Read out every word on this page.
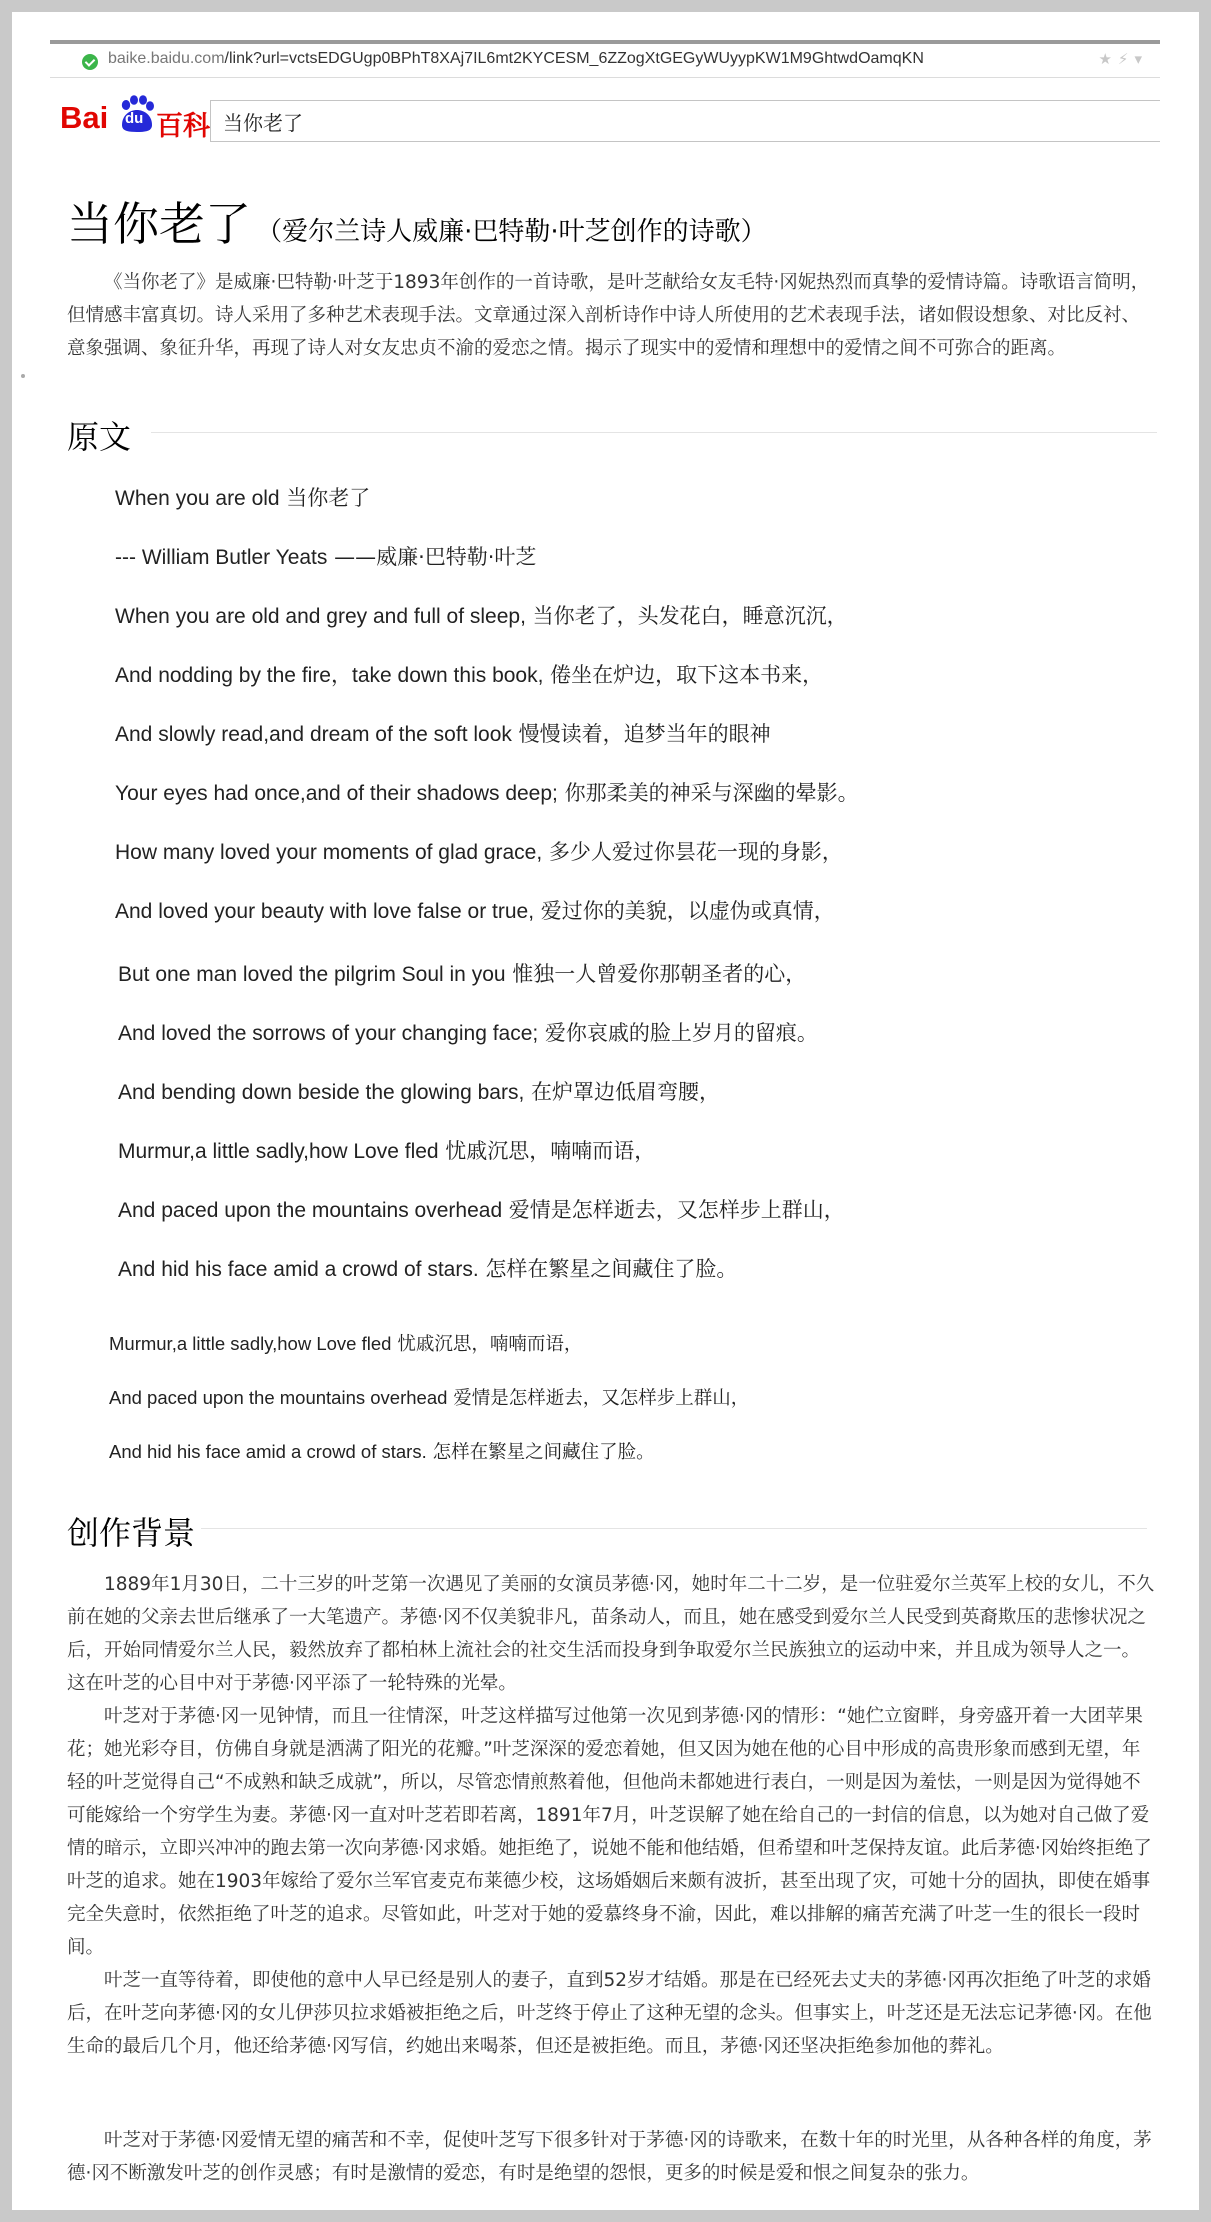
baike.baidu.com/link?url=vctsEDGUgp0BPhT8XAj7IL6mt2KYCESM_6ZZogXtGEGyWUyypKW1M9GhtwdOamqKN	★⚡▾
Bai du 百科
当你老了
当你老了 （爱尔兰诗人威廉·巴特勒·叶芝创作的诗歌）

《当你老了》是威廉·巴特勒·叶芝于1893年创作的一首诗歌，是叶芝献给女友毛特·冈妮热烈而真挚的爱情诗篇。诗歌语言简明，但情感丰富真切。诗人采用了多种艺术表现手法。文章通过深入剖析诗作中诗人所使用的艺术表现手法，诸如假设想象、对比反衬、意象强调、象征升华，再现了诗人对女友忠贞不渝的爱恋之情。揭示了现实中的爱情和理想中的爱情之间不可弥合的距离。

原文
When you are old 当你老了
--- William Butler Yeats ——威廉·巴特勒·叶芝
When you are old and grey and full of sleep, 当你老了，头发花白，睡意沉沉，
And nodding by the fire，take down this book, 倦坐在炉边，取下这本书来，
And slowly read,and dream of the soft look 慢慢读着，追梦当年的眼神
Your eyes had once,and of their shadows deep; 你那柔美的神采与深幽的晕影。
How many loved your moments of glad grace, 多少人爱过你昙花一现的身影，
And loved your beauty with love false or true, 爱过你的美貌，以虚伪或真情，
But one man loved the pilgrim Soul in you 惟独一人曾爱你那朝圣者的心，
And loved the sorrows of your changing face; 爱你哀戚的脸上岁月的留痕。
And bending down beside the glowing bars, 在炉罩边低眉弯腰，
Murmur,a little sadly,how Love fled 忧戚沉思，喃喃而语，
And paced upon the mountains overhead 爱情是怎样逝去，又怎样步上群山，
And hid his face amid a crowd of stars. 怎样在繁星之间藏住了脸。
Murmur,a little sadly,how Love fled 忧戚沉思，喃喃而语，
And paced upon the mountains overhead 爱情是怎样逝去，又怎样步上群山，
And hid his face amid a crowd of stars. 怎样在繁星之间藏住了脸。
创作背景

1889年1月30日，二十三岁的叶芝第一次遇见了美丽的女演员茅德·冈，她时年二十二岁，是一位驻爱尔兰英军上校的女儿，不久前在她的父亲去世后继承了一大笔遗产。茅德·冈不仅美貌非凡，苗条动人，而且，她在感受到爱尔兰人民受到英裔欺压的悲惨状况之后，开始同情爱尔兰人民，毅然放弃了都柏林上流社会的社交生活而投身到争取爱尔兰民族独立的运动中来，并且成为领导人之一。这在叶芝的心目中对于茅德·冈平添了一轮特殊的光晕。

叶芝对于茅德·冈一见钟情，而且一往情深，叶芝这样描写过他第一次见到茅德·冈的情形：“她伫立窗畔，身旁盛开着一大团苹果花；她光彩夺目，仿佛自身就是洒满了阳光的花瓣。”叶芝深深的爱恋着她，但又因为她在他的心目中形成的高贵形象而感到无望，年轻的叶芝觉得自己“不成熟和缺乏成就”，所以，尽管恋情煎熬着他，但他尚未都她进行表白，一则是因为羞怯，一则是因为觉得她不可能嫁给一个穷学生为妻。茅德·冈一直对叶芝若即若离，1891年7月，叶芝误解了她在给自己的一封信的信息，以为她对自己做了爱情的暗示，立即兴冲冲的跑去第一次向茅德·冈求婚。她拒绝了，说她不能和他结婚，但希望和叶芝保持友谊。此后茅德·冈始终拒绝了叶芝的追求。她在1903年嫁给了爱尔兰军官麦克布莱德少校，这场婚姻后来颇有波折，甚至出现了灾，可她十分的固执，即使在婚事完全失意时，依然拒绝了叶芝的追求。尽管如此，叶芝对于她的爱慕终身不渝，因此，难以排解的痛苦充满了叶芝一生的很长一段时间。

叶芝一直等待着，即使他的意中人早已经是别人的妻子，直到52岁才结婚。那是在已经死去丈夫的茅德·冈再次拒绝了叶芝的求婚后，在叶芝向茅德·冈的女儿伊莎贝拉求婚被拒绝之后，叶芝终于停止了这种无望的念头。但事实上，叶芝还是无法忘记茅德·冈。在他生命的最后几个月，他还给茅德·冈写信，约她出来喝茶，但还是被拒绝。而且，茅德·冈还坚决拒绝参加他的葬礼。

叶芝对于茅德·冈爱情无望的痛苦和不幸，促使叶芝写下很多针对于茅德·冈的诗歌来，在数十年的时光里，从各种各样的角度，茅德·冈不断激发叶芝的创作灵感；有时是激情的爱恋，有时是绝望的怨恨，更多的时候是爱和恨之间复杂的张力。
